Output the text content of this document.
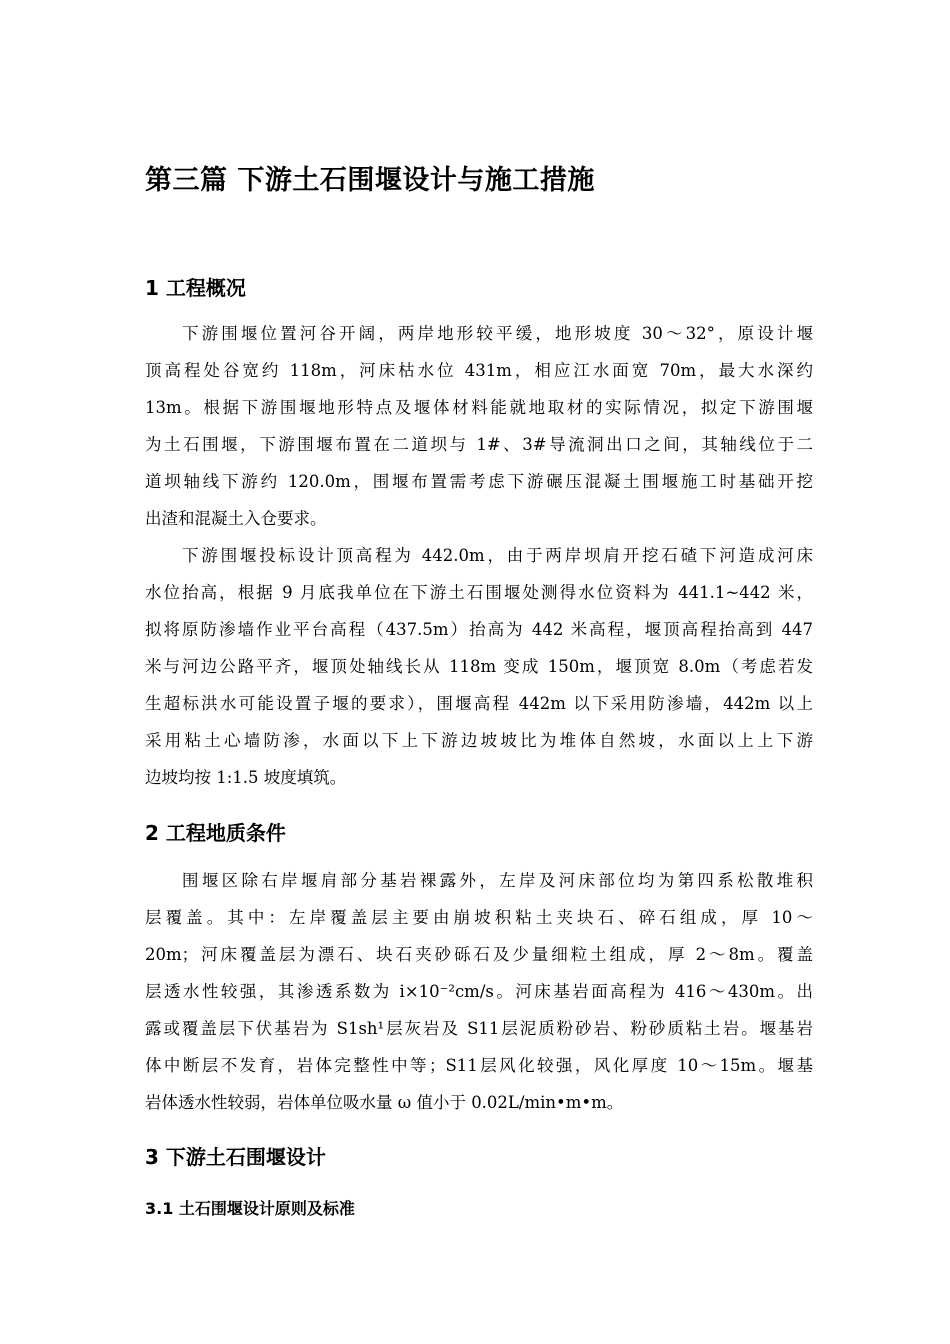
第三篇 下游土石围堰设计与施工措施
1 工程概况
下游围堰位置河谷开阔，两岸地形较平缓，地形坡度 30～32°，原设计堰
顶高程处谷宽约 118m，河床枯水位 431m，相应江水面宽 70m，最大水深约
13m。根据下游围堰地形特点及堰体材料能就地取材的实际情况，拟定下游围堰
为土石围堰，下游围堰布置在二道坝与 1#、3#导流洞出口之间，其轴线位于二
道坝轴线下游约 120.0m，围堰布置需考虑下游碾压混凝土围堰施工时基础开挖
出渣和混凝土入仓要求。
下游围堰投标设计顶高程为 442.0m，由于两岸坝肩开挖石碴下河造成河床
水位抬高，根据 9 月底我单位在下游土石围堰处测得水位资料为 441.1~442 米，
拟将原防渗墙作业平台高程（437.5m）抬高为 442 米高程，堰顶高程抬高到 447
米与河边公路平齐，堰顶处轴线长从 118m 变成 150m，堰顶宽 8.0m（考虑若发
生超标洪水可能设置子堰的要求），围堰高程 442m 以下采用防渗墙，442m 以上
采用粘土心墙防渗，水面以下上下游边坡坡比为堆体自然坡，水面以上上下游
边坡均按 1:1.5 坡度填筑。
2 工程地质条件
围堰区除右岸堰肩部分基岩裸露外，左岸及河床部位均为第四系松散堆积
层覆盖。其中：左岸覆盖层主要由崩坡积粘土夹块石、碎石组成，厚 10～
20m；河床覆盖层为漂石、块石夹砂砾石及少量细粒土组成，厚 2～8m。覆盖
层透水性较强，其渗透系数为 i×10⁻²cm/s。河床基岩面高程为 416～430m。出
露或覆盖层下伏基岩为 S1sh¹层灰岩及 S11层泥质粉砂岩、粉砂质粘土岩。堰基岩
体中断层不发育，岩体完整性中等；S11层风化较强，风化厚度 10～15m。堰基
岩体透水性较弱，岩体单位吸水量 ω 值小于 0.02L/min•m•m。
3 下游土石围堰设计
3.1 土石围堰设计原则及标准
